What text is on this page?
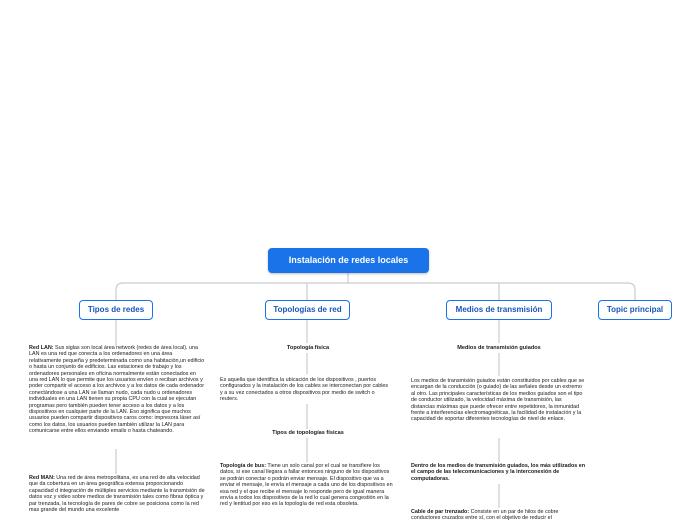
Instalación de redes locales
Tipos de redes	Topologías de red	Medios de transmisión	Topic principal
Red LAN: Sus siglas son local área network (redes de área local). una LAN es una red que conecta a los ordenadores en una área relativamente pequeña y predeterminada como una habitación,un edificio o hasta un conjunto de edificios. Las estaciones de trabajo y los ordenadores personales en oficina normalmente están conectados en una red LAN lo que permite que los usuarios envíen o reciban archivos y poder compartir el acceso a los archivos y a los datos de cada ordenador conectándose a una LAN se llaman nudo, cada nudo u ordenadores individuales en una LAN tienen su propia CPU con la cual se ejecutan programas pero también pueden tener acceso a los datos y a los dispositivos en cualquier parte de la LAN. Eso significa que muchos usuarios pueden compartir dispositivos caros como: impresora láser así como los datos, los usuarios pueden también utilizar la LAN para comunicarse entre ellos enviando emails o hasta chateando.
Red MAN: Una red de área metropolitana, es una red de alta velocidad que da cobertura en un área geográfica extensa proporcionando capacidad d integración de múltiples servicios mediante la transmisión de datos voz y video sobre medios de transmisión tales como fibras óptica y par trenzada, la tecnología de pares de cobre se posiciona como la red mas grande del mundo una excelente
Topología física
Es aquella que identifica la ubicación de los dispositivos , puertos configurados y la instalación de los cables se interconectan por cables y a su vez conectados a otros dispositivos por medio de switch o reuters.
Tipos de topologías físicas
Topología de bus: Tiene un solo canal por el cual se transfiere los datos, si ese canal llegara a fallar entonces ninguno de los dispositivos se podrán conectar o podrán enviar mensaje. El dispositivo que va a enviar el mensaje, le envía el mensaje a cada uno de los dispositivos en esa red y el que recibe el mensaje lo responde pero de igual manera envía a todos los dispositivos de la red lo cual genera congestión en la red y lentitud por eso es la topología de red esta obsoleta.
Medios de transmisión guiados
Los medios de transmisión guiados están constituidos por cables que se encargan de la conducción (o guiado) de las señales desde un extremo al otro. Las principales características de los medios guiados son el tipo de conductor utilizado, la velocidad máxima de transmisión, las distancias máximas que puede ofrecer entre repetidores, la inmunidad frente a interferencias electromagnéticas, la facilidad de instalación y la capacidad de soportar diferentes tecnologías de nivel de enlace.
Dentro de los medios de transmisión guiados, los más utilizados en el campo de las telecomunicaciones y la interconexión de computadoras.
Cable de par trenzado: Consiste en un par de hilos de cobre conductores cruzados entre sí, con el objetivo de reducir el
